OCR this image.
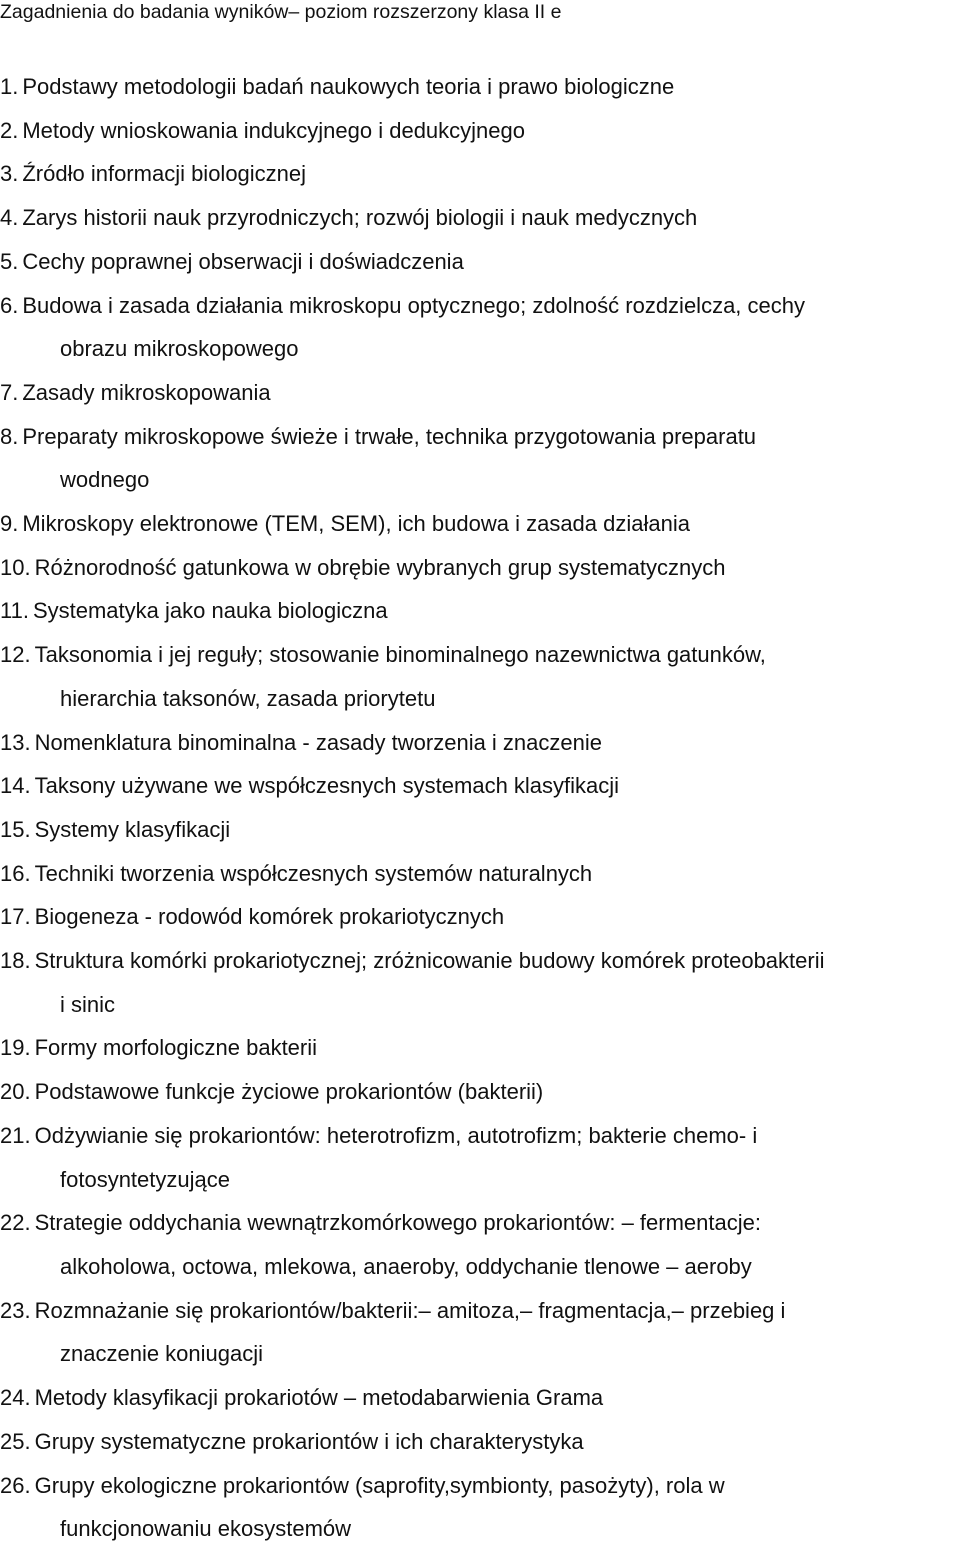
Zagadnienia do badania wyników– poziom rozszerzony klasa II e
1. Podstawy metodologii badań naukowych teoria i prawo biologiczne
2. Metody wnioskowania indukcyjnego i dedukcyjnego
3. Źródło informacji biologicznej
4. Zarys historii nauk przyrodniczych; rozwój biologii i nauk medycznych
5. Cechy poprawnej obserwacji i doświadczenia
6. Budowa i zasada działania mikroskopu optycznego; zdolność rozdzielcza, cechy
obrazu mikroskopowego
7. Zasady mikroskopowania
8. Preparaty mikroskopowe świeże i trwałe, technika przygotowania preparatu
wodnego
9. Mikroskopy elektronowe (TEM, SEM), ich budowa i zasada działania
10. Różnorodność gatunkowa w obrębie wybranych grup systematycznych
11. Systematyka jako nauka biologiczna
12. Taksonomia i jej reguły; stosowanie binominalnego nazewnictwa gatunków,
hierarchia taksonów, zasada priorytetu
13. Nomenklatura binominalna - zasady tworzenia i znaczenie
14. Taksony używane we współczesnych systemach klasyfikacji
15. Systemy klasyfikacji
16. Techniki tworzenia współczesnych systemów naturalnych
17. Biogeneza - rodowód komórek prokariotycznych
18. Struktura komórki prokariotycznej; zróżnicowanie budowy komórek proteobakterii
i sinic
19. Formy morfologiczne bakterii
20. Podstawowe funkcje życiowe prokariontów (bakterii)
21. Odżywianie się prokariontów: heterotrofizm, autotrofizm; bakterie chemo- i
fotosyntetyzujące
22. Strategie oddychania wewnątrzkomórkowego prokariontów: – fermentacje:
alkoholowa, octowa, mlekowa, anaeroby, oddychanie tlenowe – aeroby
23. Rozmnażanie się prokariontów/bakterii:– amitoza,– fragmentacja,– przebieg i
znaczenie koniugacji
24. Metody klasyfikacji prokariotów – metodabarwienia Grama
25. Grupy systematyczne prokariontów i ich charakterystyka
26. Grupy ekologiczne prokariontów (saprofity,symbionty, pasożyty), rola w
funkcjonowaniu ekosystemów
